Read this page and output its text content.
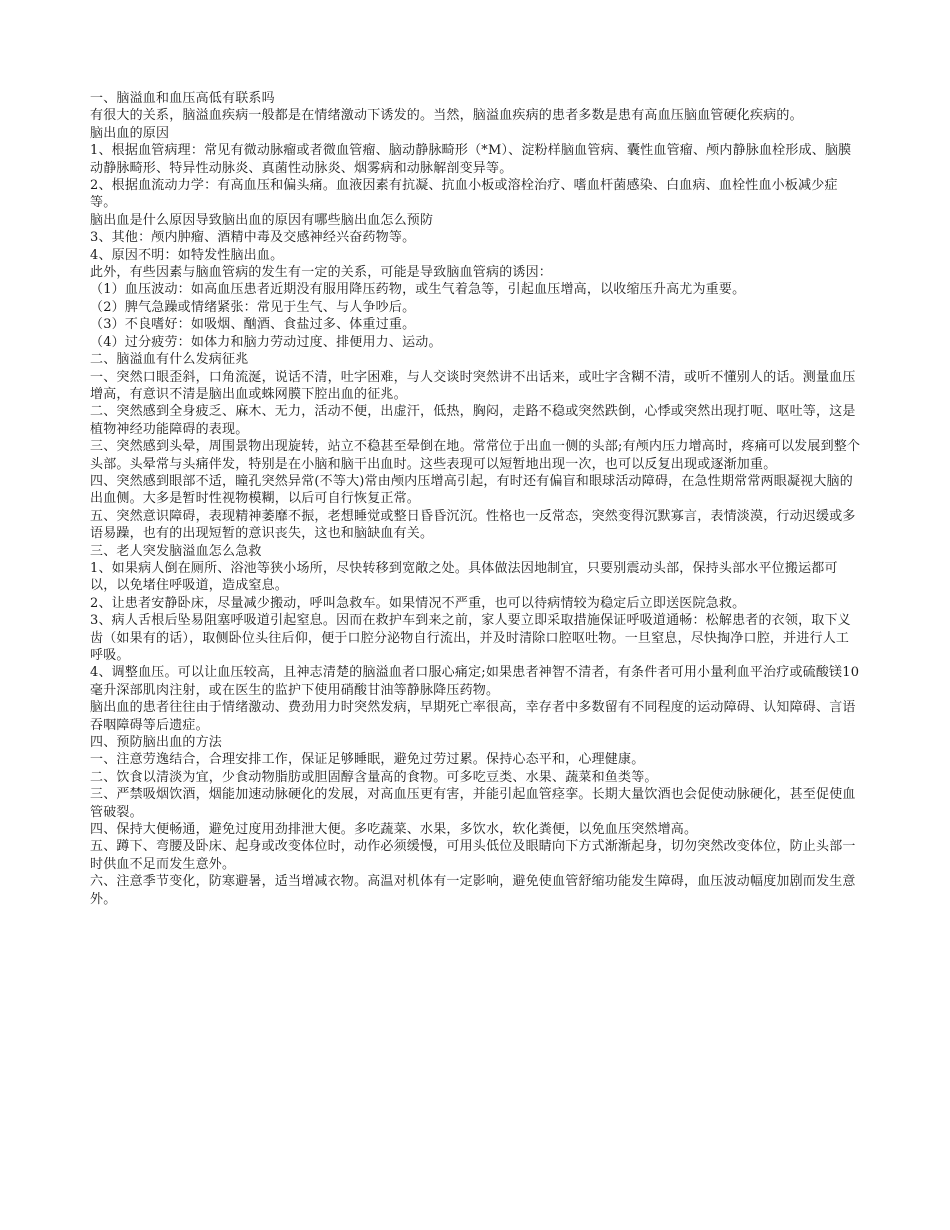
一、脑溢血和血压高低有联系吗

有很大的关系，脑溢血疾病一般都是在情绪激动下诱发的。当然，脑溢血疾病的患者多数是患有高血压脑血管硬化疾病的。

脑出血的原因

1、根据血管病理：常见有微动脉瘤或者微血管瘤、脑动静脉畸形（*M）、淀粉样脑血管病、囊性血管瘤、颅内静脉血栓形成、脑膜动静脉畸形、特异性动脉炎、真菌性动脉炎、烟雾病和动脉解剖变异等。

2、根据血流动力学：有高血压和偏头痛。血液因素有抗凝、抗血小板或溶栓治疗、嗜血杆菌感染、白血病、血栓性血小板减少症等。

脑出血是什么原因导致脑出血的原因有哪些脑出血怎么预防

3、其他：颅内肿瘤、酒精中毒及交感神经兴奋药物等。

4、原因不明：如特发性脑出血。

此外，有些因素与脑血管病的发生有一定的关系，可能是导致脑血管病的诱因：

（1）血压波动：如高血压患者近期没有服用降压药物，或生气着急等，引起血压增高，以收缩压升高尤为重要。

（2）脾气急躁或情绪紧张：常见于生气、与人争吵后。

（3）不良嗜好：如吸烟、酗酒、食盐过多、体重过重。

（4）过分疲劳：如体力和脑力劳动过度、排便用力、运动。

二、脑溢血有什么发病征兆

一、突然口眼歪斜，口角流涎，说话不清，吐字困难，与人交谈时突然讲不出话来，或吐字含糊不清，或听不懂别人的话。测量血压增高，有意识不清是脑出血或蛛网膜下腔出血的征兆。

二、突然感到全身疲乏、麻木、无力，活动不便，出虚汗，低热，胸闷，走路不稳或突然跌倒，心悸或突然出现打呃、呕吐等，这是植物神经功能障碍的表现。

三、突然感到头晕，周围景物出现旋转，站立不稳甚至晕倒在地。常常位于出血一侧的头部;有颅内压力增高时，疼痛可以发展到整个头部。头晕常与头痛伴发，特别是在小脑和脑干出血时。这些表现可以短暂地出现一次，也可以反复出现或逐渐加重。

四、突然感到眼部不适，瞳孔突然异常(不等大)常由颅内压增高引起，有时还有偏盲和眼球活动障碍，在急性期常常两眼凝视大脑的出血侧。大多是暂时性视物模糊，以后可自行恢复正常。

五、突然意识障碍，表现精神萎靡不振，老想睡觉或整日昏昏沉沉。性格也一反常态，突然变得沉默寡言，表情淡漠，行动迟缓或多语易躁，也有的出现短暂的意识丧失，这也和脑缺血有关。

三、老人突发脑溢血怎么急救

1、如果病人倒在厕所、浴池等狭小场所，尽快转移到宽敞之处。具体做法因地制宜，只要别震动头部，保持头部水平位搬运都可以，以免堵住呼吸道，造成窒息。

2、让患者安静卧床，尽量减少搬动，呼叫急救车。如果情况不严重，也可以待病情较为稳定后立即送医院急救。

3、病人舌根后坠易阻塞呼吸道引起窒息。因而在救护车到来之前，家人要立即采取措施保证呼吸道通畅：松解患者的衣领，取下义齿（如果有的话），取侧卧位头往后仰，便于口腔分泌物自行流出，并及时清除口腔呕吐物。一旦窒息，尽快掏净口腔，并进行人工呼吸。

4、调整血压。可以让血压较高，且神志清楚的脑溢血者口服心痛定;如果患者神智不清者，有条件者可用小量利血平治疗或硫酸镁10毫升深部肌肉注射，或在医生的监护下使用硝酸甘油等静脉降压药物。

脑出血的患者往往由于情绪激动、费劲用力时突然发病，早期死亡率很高，幸存者中多数留有不同程度的运动障碍、认知障碍、言语吞咽障碍等后遗症。

四、预防脑出血的方法

一、注意劳逸结合，合理安排工作，保证足够睡眠，避免过劳过累。保持心态平和，心理健康。

二、饮食以清淡为宜，少食动物脂肪或胆固醇含量高的食物。可多吃豆类、水果、蔬菜和鱼类等。

三、严禁吸烟饮酒，烟能加速动脉硬化的发展，对高血压更有害，并能引起血管痉挛。长期大量饮酒也会促使动脉硬化，甚至促使血管破裂。

四、保持大便畅通，避免过度用劲排泄大便。多吃蔬菜、水果，多饮水，软化粪便，以免血压突然增高。

五、蹲下、弯腰及卧床、起身或改变体位时，动作必须缓慢，可用头低位及眼睛向下方式渐渐起身，切勿突然改变体位，防止头部一时供血不足而发生意外。

六、注意季节变化，防寒避暑，适当增减衣物。高温对机体有一定影响，避免使血管舒缩功能发生障碍，血压波动幅度加剧而发生意外。
